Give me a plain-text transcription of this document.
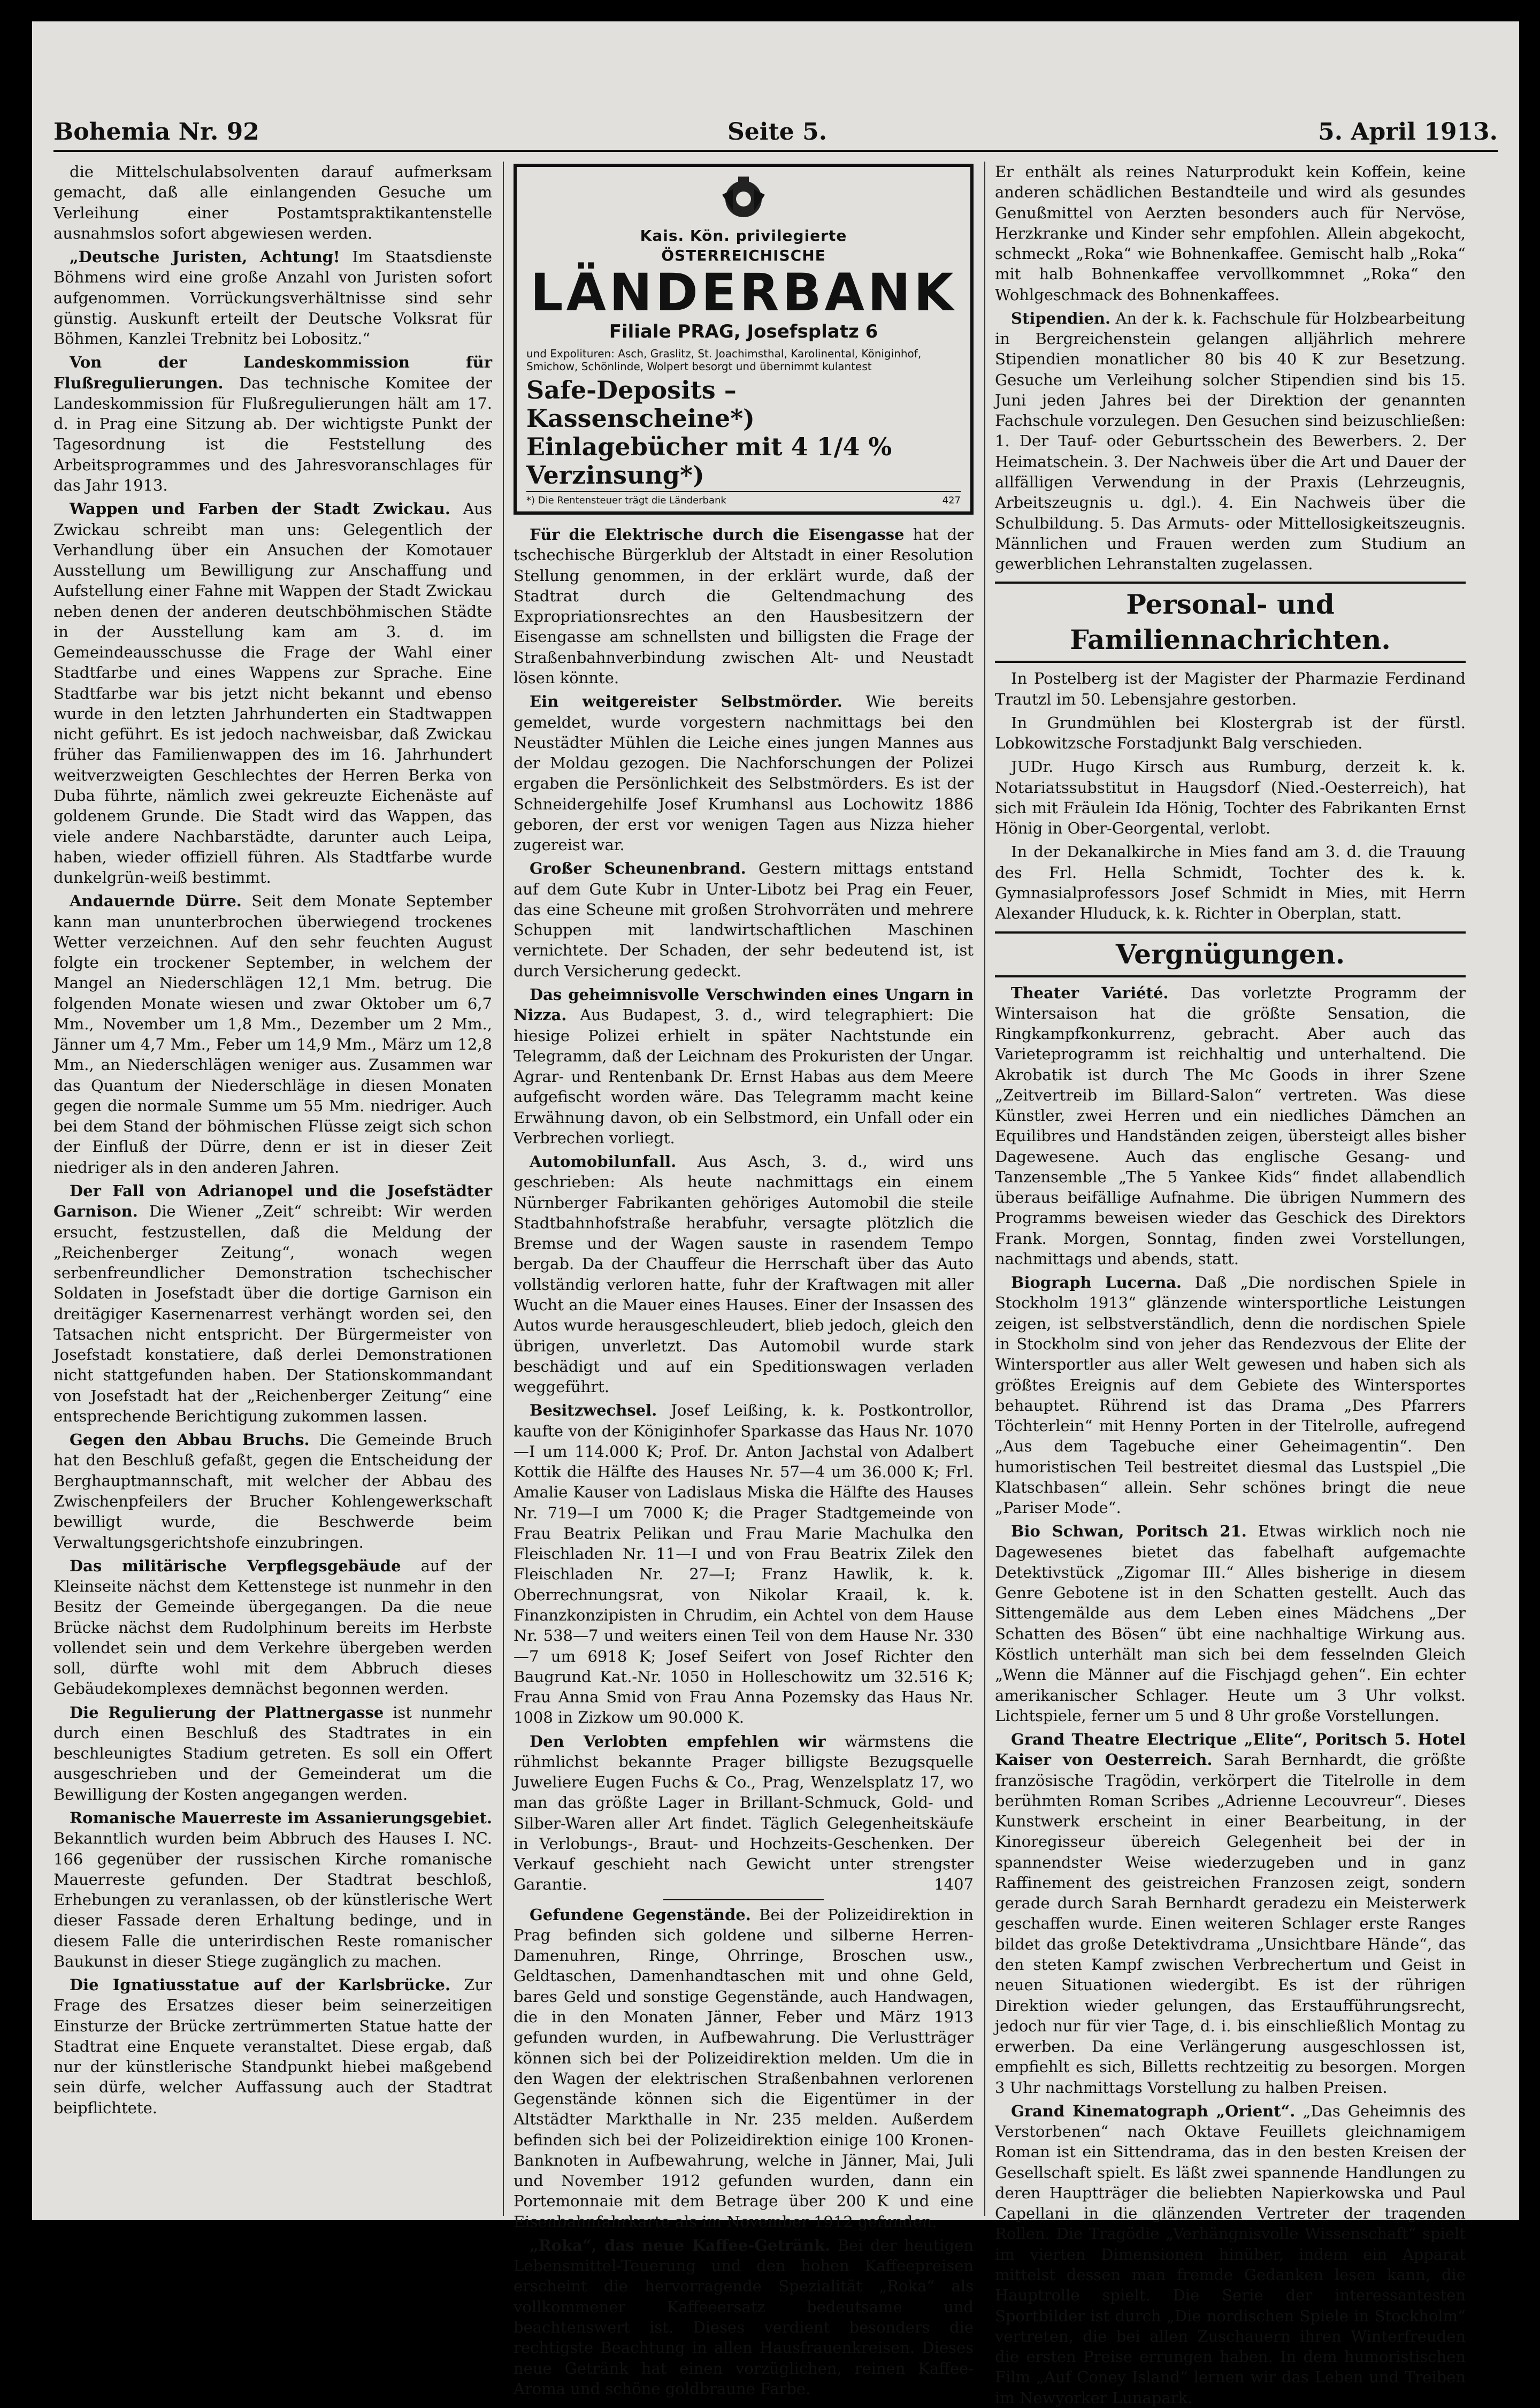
Bohemia Nr. 92	Seite 5.	5. April 1913.

die Mittelschulabsolventen darauf aufmerksam gemacht, daß alle einlangenden Gesuche um Verleihung einer Postamtspraktikantenstelle ausnahmslos sofort abgewiesen werden.

„Deutsche Juristen, Achtung! Im Staatsdienste Böhmens wird eine große Anzahl von Juristen sofort aufgenommen. Vorrückungsverhältnisse sind sehr günstig. Auskunft erteilt der Deutsche Volksrat für Böhmen, Kanzlei Trebnitz bei Lobositz.“

Von der Landeskommission für Flußregulierungen. Das technische Komitee der Landeskommission für Flußregulierungen hält am 17. d. in Prag eine Sitzung ab. Der wichtigste Punkt der Tagesordnung ist die Feststellung des Arbeitsprogrammes und des Jahresvoranschlages für das Jahr 1913.

Wappen und Farben der Stadt Zwickau. Aus Zwickau schreibt man uns: Gelegentlich der Verhandlung über ein Ansuchen der Komotauer Ausstellung um Bewilligung zur Anschaffung und Aufstellung einer Fahne mit Wappen der Stadt Zwickau neben denen der anderen deutschböhmischen Städte in der Ausstellung kam am 3. d. im Gemeindeausschusse die Frage der Wahl einer Stadtfarbe und eines Wappens zur Sprache. Eine Stadtfarbe war bis jetzt nicht bekannt und ebenso wurde in den letzten Jahrhunderten ein Stadtwappen nicht geführt. Es ist jedoch nachweisbar, daß Zwickau früher das Familienwappen des im 16. Jahrhundert weitverzweigten Geschlechtes der Herren Berka von Duba führte, nämlich zwei gekreuzte Eichenäste auf goldenem Grunde. Die Stadt wird das Wappen, das viele andere Nachbarstädte, darunter auch Leipa, haben, wieder offiziell führen. Als Stadtfarbe wurde dunkelgrün-weiß bestimmt.

Andauernde Dürre. Seit dem Monate September kann man ununterbrochen überwiegend trockenes Wetter verzeichnen. Auf den sehr feuchten August folgte ein trockener September, in welchem der Mangel an Niederschlägen 12,1 Mm. betrug. Die folgenden Monate wiesen und zwar Oktober um 6,7 Mm., November um 1,8 Mm., Dezember um 2 Mm., Jänner um 4,7 Mm., Feber um 14,9 Mm., März um 12,8 Mm., an Niederschlägen weniger aus. Zusammen war das Quantum der Niederschläge in diesen Monaten gegen die normale Summe um 55 Mm. niedriger. Auch bei dem Stand der böhmischen Flüsse zeigt sich schon der Einfluß der Dürre, denn er ist in dieser Zeit niedriger als in den anderen Jahren.

Der Fall von Adrianopel und die Josefstädter Garnison. Die Wiener „Zeit“ schreibt: Wir werden ersucht, festzustellen, daß die Meldung der „Reichenberger Zeitung“, wonach wegen serbenfreundlicher Demonstration tschechischer Soldaten in Josefstadt über die dortige Garnison ein dreitägiger Kasernenarrest verhängt worden sei, den Tatsachen nicht entspricht. Der Bürgermeister von Josefstadt konstatiere, daß derlei Demonstrationen nicht stattgefunden haben. Der Stationskommandant von Josefstadt hat der „Reichenberger Zeitung“ eine entsprechende Berichtigung zukommen lassen.

Gegen den Abbau Bruchs. Die Gemeinde Bruch hat den Beschluß gefaßt, gegen die Entscheidung der Berghauptmannschaft, mit welcher der Abbau des Zwischenpfeilers der Brucher Kohlengewerkschaft bewilligt wurde, die Beschwerde beim Verwaltungsgerichtshofe einzubringen.

Das militärische Verpflegsgebäude auf der Kleinseite nächst dem Kettenstege ist nunmehr in den Besitz der Gemeinde übergegangen. Da die neue Brücke nächst dem Rudolphinum bereits im Herbste vollendet sein und dem Verkehre übergeben werden soll, dürfte wohl mit dem Abbruch dieses Gebäudekomplexes demnächst begonnen werden.

Die Regulierung der Plattnergasse ist nunmehr durch einen Beschluß des Stadtrates in ein beschleunigtes Stadium getreten. Es soll ein Offert ausgeschrieben und der Gemeinderat um die Bewilligung der Kosten angegangen werden.

Romanische Mauerreste im Assanierungsgebiet. Bekanntlich wurden beim Abbruch des Hauses I. NC. 166 gegenüber der russischen Kirche romanische Mauerreste gefunden. Der Stadtrat beschloß, Erhebungen zu veranlassen, ob der künstlerische Wert dieser Fassade deren Erhaltung bedinge, und in diesem Falle die unterirdischen Reste romanischer Baukunst in dieser Stiege zugänglich zu machen.

Die Ignatiusstatue auf der Karlsbrücke. Zur Frage des Ersatzes dieser beim seinerzeitigen Einsturze der Brücke zertrümmerten Statue hatte der Stadtrat eine Enquete veranstaltet. Diese ergab, daß nur der künstlerische Standpunkt hiebei maßgebend sein dürfe, welcher Auffassung auch der Stadtrat beipflichtete.

Kais. Kön. privilegierte
ÖSTERREICHISCHE
LÄNDERBANK
Filiale PRAG, Josefsplatz 6
und Expolituren: Asch, Graslitz, St. Joachimsthal, Karolinental, Königinhof, Smichow, Schönlinde, Wolpert besorgt und übernimmt kulantest
Safe-Deposits – Kassenscheine*)
Einlagebücher mit 4 1/4 % Verzinsung*)
*) Die Rentensteuer trägt die Länderbank	427

Für die Elektrische durch die Eisengasse hat der tschechische Bürgerklub der Altstadt in einer Resolution Stellung genommen, in der erklärt wurde, daß der Stadtrat durch die Geltendmachung des Expropriationsrechtes an den Hausbesitzern der Eisengasse am schnellsten und billigsten die Frage der Straßenbahnverbindung zwischen Alt- und Neustadt lösen könnte.

Ein weitgereister Selbstmörder. Wie bereits gemeldet, wurde vorgestern nachmittags bei den Neustädter Mühlen die Leiche eines jungen Mannes aus der Moldau gezogen. Die Nachforschungen der Polizei ergaben die Persönlichkeit des Selbstmörders. Es ist der Schneidergehilfe Josef Krumhansl aus Lochowitz 1886 geboren, der erst vor wenigen Tagen aus Nizza hieher zugereist war.

Großer Scheunenbrand. Gestern mittags entstand auf dem Gute Kubr in Unter-Libotz bei Prag ein Feuer, das eine Scheune mit großen Strohvorräten und mehrere Schuppen mit landwirtschaftlichen Maschinen vernichtete. Der Schaden, der sehr bedeutend ist, ist durch Versicherung gedeckt.

Das geheimnisvolle Verschwinden eines Ungarn in Nizza. Aus Budapest, 3. d., wird telegraphiert: Die hiesige Polizei erhielt in später Nachtstunde ein Telegramm, daß der Leichnam des Prokuristen der Ungar. Agrar- und Rentenbank Dr. Ernst Habas aus dem Meere aufgefischt worden wäre. Das Telegramm macht keine Erwähnung davon, ob ein Selbstmord, ein Unfall oder ein Verbrechen vorliegt.

Automobilunfall. Aus Asch, 3. d., wird uns geschrieben: Als heute nachmittags ein einem Nürnberger Fabrikanten gehöriges Automobil die steile Stadtbahnhofstraße herabfuhr, versagte plötzlich die Bremse und der Wagen sauste in rasendem Tempo bergab. Da der Chauffeur die Herrschaft über das Auto vollständig verloren hatte, fuhr der Kraftwagen mit aller Wucht an die Mauer eines Hauses. Einer der Insassen des Autos wurde herausgeschleudert, blieb jedoch, gleich den übrigen, unverletzt. Das Automobil wurde stark beschädigt und auf ein Speditionswagen verladen weggeführt.

Besitzwechsel. Josef Leißing, k. k. Postkontrollor, kaufte von der Königinhofer Sparkasse das Haus Nr. 1070—I um 114.000 K; Prof. Dr. Anton Jachstal von Adalbert Kottik die Hälfte des Hauses Nr. 57—4 um 36.000 K; Frl. Amalie Kauser von Ladislaus Miska die Hälfte des Hauses Nr. 719—I um 7000 K; die Prager Stadtgemeinde von Frau Beatrix Pelikan und Frau Marie Machulka den Fleischladen Nr. 11—I und von Frau Beatrix Zilek den Fleischladen Nr. 27—I; Franz Hawlik, k. k. Oberrechnungsrat, von Nikolar Kraail, k. k. Finanzkonzipisten in Chrudim, ein Achtel von dem Hause Nr. 538—7 und weiters einen Teil von dem Hause Nr. 330—7 um 6918 K; Josef Seifert von Josef Richter den Baugrund Kat.-Nr. 1050 in Holleschowitz um 32.516 K; Frau Anna Smid von Frau Anna Pozemsky das Haus Nr. 1008 in Zizkow um 90.000 K.

Den Verlobten empfehlen wir wärmstens die rühmlichst bekannte Prager billigste Bezugsquelle Juweliere Eugen Fuchs & Co., Prag, Wenzelsplatz 17, wo man das größte Lager in Brillant-Schmuck, Gold- und Silber-Waren aller Art findet. Täglich Gelegenheitskäufe in Verlobungs-, Braut- und Hochzeits-Geschenken. Der Verkauf geschieht nach Gewicht unter strengster Garantie.	1407

Gefundene Gegenstände. Bei der Polizeidirektion in Prag befinden sich goldene und silberne Herren-Damenuhren, Ringe, Ohrringe, Broschen usw., Geldtaschen, Damenhandtaschen mit und ohne Geld, bares Geld und sonstige Gegenstände, auch Handwagen, die in den Monaten Jänner, Feber und März 1913 gefunden wurden, in Aufbewahrung. Die Verlustträger können sich bei der Polizeidirektion melden. Um die in den Wagen der elektrischen Straßenbahnen verlorenen Gegenstände können sich die Eigentümer in der Altstädter Markthalle in Nr. 235 melden. Außerdem befinden sich bei der Polizeidirektion einige 100 Kronen-Banknoten in Aufbewahrung, welche in Jänner, Mai, Juli und November 1912 gefunden wurden, dann ein Portemonnaie mit dem Betrage über 200 K und eine Eisenbahnfahrkarte als im November 1912 gefunden.

„Roka“, das neue Kaffee-Getränk. Bei der heutigen Lebensmittel-Teuerung und den hohen Kaffeepreisen erscheint die hervorragende Spezialität „Roka“ als vollkommener Kaffeeersatz bedeutsame und beachtenswert ist. Dieses verdient besonders die rechtigste Beachtung in allen Hausfrauenkreisen. Dieses neue Getränk hat einen vorzüglichen, reinen Kaffee-Aroma und schöne goldbraune Farbe.

Er enthält als reines Naturprodukt kein Koffein, keine anderen schädlichen Bestandteile und wird als gesundes Genußmittel von Aerzten besonders auch für Nervöse, Herzkranke und Kinder sehr empfohlen. Allein abgekocht, schmeckt „Roka“ wie Bohnenkaffee. Gemischt halb „Roka“ mit halb Bohnenkaffee vervollkommnet „Roka“ den Wohlgeschmack des Bohnenkaffees.

Stipendien. An der k. k. Fachschule für Holzbearbeitung in Bergreichenstein gelangen alljährlich mehrere Stipendien monatlicher 80 bis 40 K zur Besetzung. Gesuche um Verleihung solcher Stipendien sind bis 15. Juni jeden Jahres bei der Direktion der genannten Fachschule vorzulegen. Den Gesuchen sind beizuschließen: 1. Der Tauf- oder Geburtsschein des Bewerbers. 2. Der Heimatschein. 3. Der Nachweis über die Art und Dauer der allfälligen Verwendung in der Praxis (Lehrzeugnis, Arbeitszeugnis u. dgl.). 4. Ein Nachweis über die Schulbildung. 5. Das Armuts- oder Mittellosigkeitszeugnis. Männlichen und Frauen werden zum Studium an gewerblichen Lehranstalten zugelassen.

Personal- und Familiennachrichten.

In Postelberg ist der Magister der Pharmazie Ferdinand Trautzl im 50. Lebensjahre gestorben.

In Grundmühlen bei Klostergrab ist der fürstl. Lobkowitzsche Forstadjunkt Balg verschieden.

JUDr. Hugo Kirsch aus Rumburg, derzeit k. k. Notariatssubstitut in Haugsdorf (Nied.-Oesterreich), hat sich mit Fräulein Ida Hönig, Tochter des Fabrikanten Ernst Hönig in Ober-Georgental, verlobt.

In der Dekanalkirche in Mies fand am 3. d. die Trauung des Frl. Hella Schmidt, Tochter des k. k. Gymnasialprofessors Josef Schmidt in Mies, mit Herrn Alexander Hluduck, k. k. Richter in Oberplan, statt.

Vergnügungen.

Theater Variété. Das vorletzte Programm der Wintersaison hat die größte Sensation, die Ringkampfkonkurrenz, gebracht. Aber auch das Varieteprogramm ist reichhaltig und unterhaltend. Die Akrobatik ist durch The Mc Goods in ihrer Szene „Zeitvertreib im Billard-Salon“ vertreten. Was diese Künstler, zwei Herren und ein niedliches Dämchen an Equilibres und Handständen zeigen, übersteigt alles bisher Dagewesene. Auch das englische Gesang- und Tanzensemble „The 5 Yankee Kids“ findet allabendlich überaus beifällige Aufnahme. Die übrigen Nummern des Programms beweisen wieder das Geschick des Direktors Frank. Morgen, Sonntag, finden zwei Vorstellungen, nachmittags und abends, statt.

Biograph Lucerna. Daß „Die nordischen Spiele in Stockholm 1913“ glänzende wintersportliche Leistungen zeigen, ist selbstverständlich, denn die nordischen Spiele in Stockholm sind von jeher das Rendezvous der Elite der Wintersportler aus aller Welt gewesen und haben sich als größtes Ereignis auf dem Gebiete des Wintersportes behauptet. Rührend ist das Drama „Des Pfarrers Töchterlein“ mit Henny Porten in der Titelrolle, aufregend „Aus dem Tagebuche einer Geheimagentin“. Den humoristischen Teil bestreitet diesmal das Lustspiel „Die Klatschbasen“ allein. Sehr schönes bringt die neue „Pariser Mode“.

Bio Schwan, Poritsch 21. Etwas wirklich noch nie Dagewesenes bietet das fabelhaft aufgemachte Detektivstück „Zigomar III.“ Alles bisherige in diesem Genre Gebotene ist in den Schatten gestellt. Auch das Sittengemälde aus dem Leben eines Mädchens „Der Schatten des Bösen“ übt eine nachhaltige Wirkung aus. Köstlich unterhält man sich bei dem fesselnden Gleich „Wenn die Männer auf die Fischjagd gehen“. Ein echter amerikanischer Schlager. Heute um 3 Uhr volkst. Lichtspiele, ferner um 5 und 8 Uhr große Vorstellungen.

Grand Theatre Electrique „Elite“, Poritsch 5. Hotel Kaiser von Oesterreich. Sarah Bernhardt, die größte französische Tragödin, verkörpert die Titelrolle in dem berühmten Roman Scribes „Adrienne Lecouvreur“. Dieses Kunstwerk erscheint in einer Bearbeitung, in der Kinoregisseur übereich Gelegenheit bei der in spannendster Weise wiederzugeben und in ganz Raffinement des geistreichen Franzosen zeigt, sondern gerade durch Sarah Bernhardt geradezu ein Meisterwerk geschaffen wurde. Einen weiteren Schlager erste Ranges bildet das große Detektivdrama „Unsichtbare Hände“, das den steten Kampf zwischen Verbrechertum und Geist in neuen Situationen wiedergibt. Es ist der rührigen Direktion wieder gelungen, das Erstaufführungsrecht, jedoch nur für vier Tage, d. i. bis einschließlich Montag zu erwerben. Da eine Verlängerung ausgeschlossen ist, empfiehlt es sich, Billetts rechtzeitig zu besorgen. Morgen 3 Uhr nachmittags Vorstellung zu halben Preisen.

Grand Kinematograph „Orient“. „Das Geheimnis des Verstorbenen“ nach Oktave Feuillets gleichnamigem Roman ist ein Sittendrama, das in den besten Kreisen der Gesellschaft spielt. Es läßt zwei spannende Handlungen zu deren Hauptträger die beliebten Napierkowska und Paul Capellani in die glänzenden Vertreter der tragenden Rollen. Die Tragödie „Verhängnisvolle Wissenschaft“ spielt im vierten Dimensionen hinüber, indem ein Apparat mittelst dessen man fremde Gedanken lesen kann, die Hauptrolle spielt. Die Serie der interessantesten Sportbilder ist durch „Die nordischen Spiele in Stockholm“ vertreten, die bei allen Zuschauern ihren Winterfreuden die ersten Preise errungen haben. In dem humoristischen Film „Auf Coney Island“ lernen wir das Leben und Treiben im Newyorker Lunapark.
